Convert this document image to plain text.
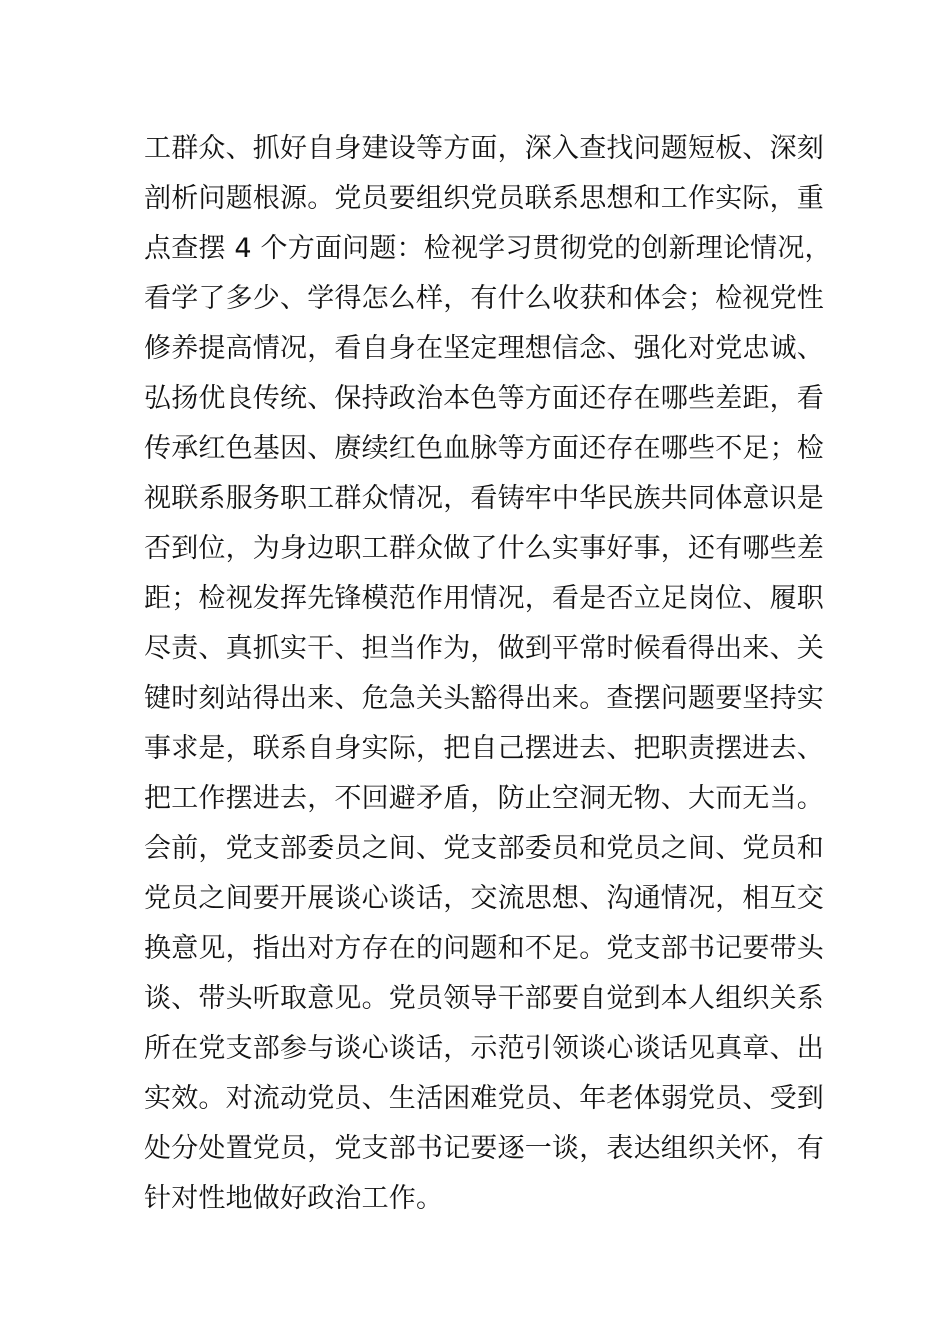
工群众、抓好自身建设等方面，深入查找问题短板、深刻
剖析问题根源。党员要组织党员联系思想和工作实际，重
点查摆 4 个方面问题：检视学习贯彻党的创新理论情况，
看学了多少、学得怎么样，有什么收获和体会；检视党性
修养提高情况，看自身在坚定理想信念、强化对党忠诚、
弘扬优良传统、保持政治本色等方面还存在哪些差距，看
传承红色基因、赓续红色血脉等方面还存在哪些不足；检
视联系服务职工群众情况，看铸牢中华民族共同体意识是
否到位，为身边职工群众做了什么实事好事，还有哪些差
距；检视发挥先锋模范作用情况，看是否立足岗位、履职
尽责、真抓实干、担当作为，做到平常时候看得出来、关
键时刻站得出来、危急关头豁得出来。查摆问题要坚持实
事求是，联系自身实际，把自己摆进去、把职责摆进去、
把工作摆进去，不回避矛盾，防止空洞无物、大而无当。
会前，党支部委员之间、党支部委员和党员之间、党员和
党员之间要开展谈心谈话，交流思想、沟通情况，相互交
换意见，指出对方存在的问题和不足。党支部书记要带头
谈、带头听取意见。党员领导干部要自觉到本人组织关系
所在党支部参与谈心谈话，示范引领谈心谈话见真章、出
实效。对流动党员、生活困难党员、年老体弱党员、受到
处分处置党员，党支部书记要逐一谈，表达组织关怀，有
针对性地做好政治工作。
